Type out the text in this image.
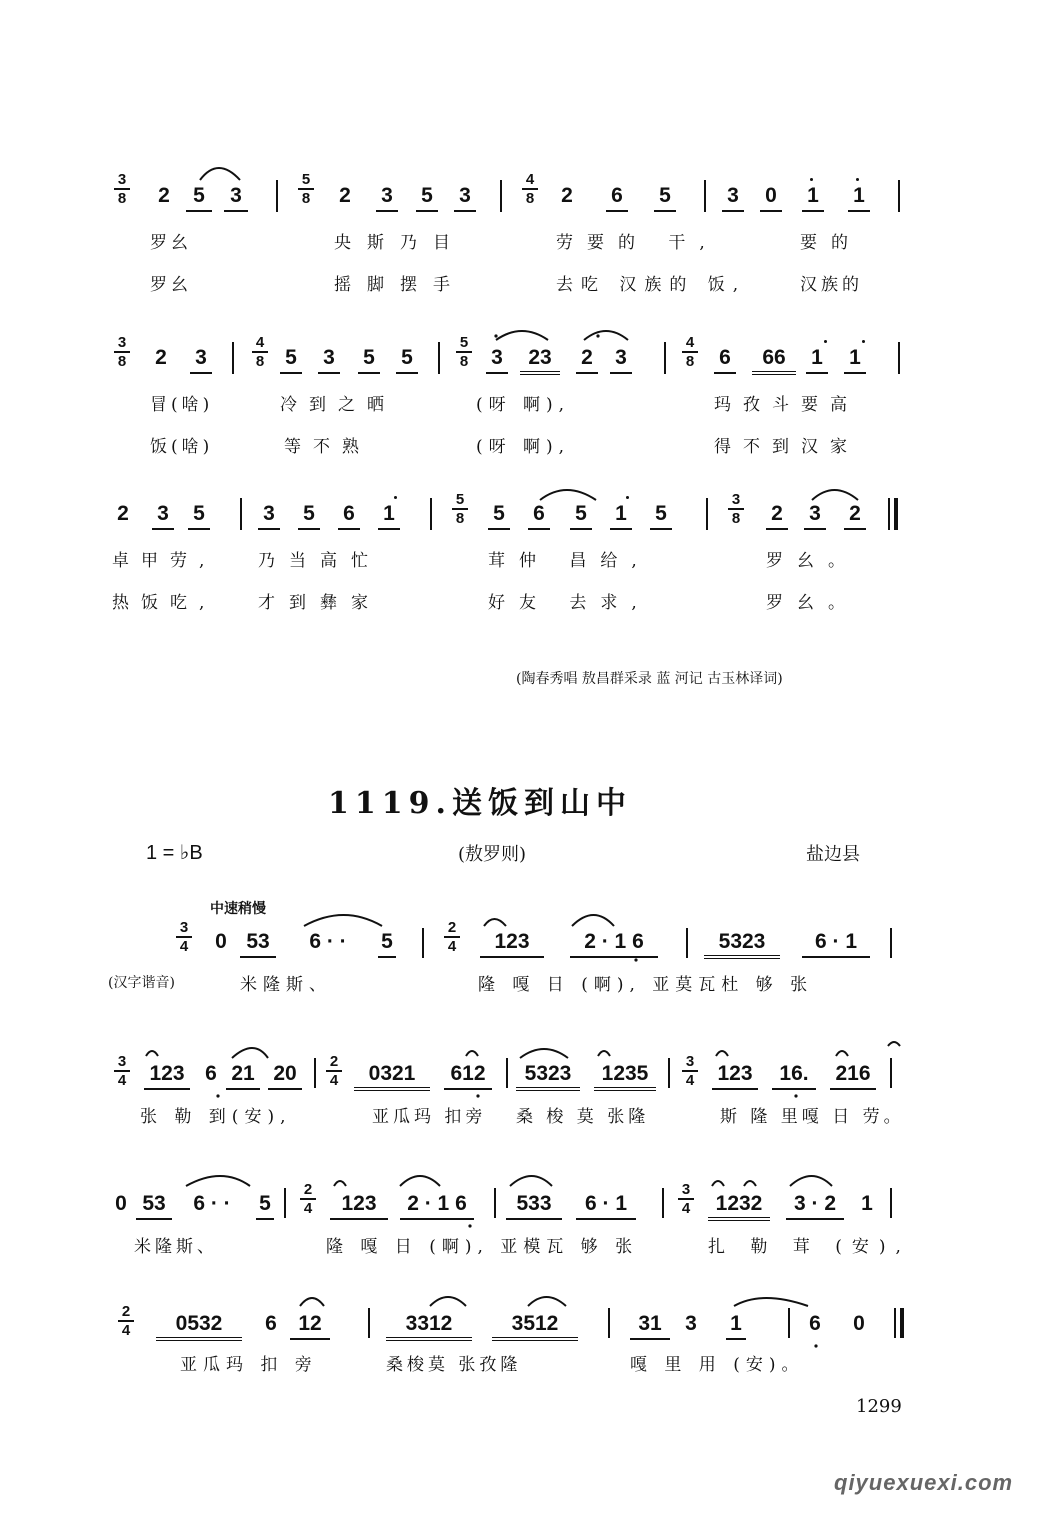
3
8	2 5 3
5
8 2 3 5 3
4
8 2 6 5	3 0 1 1
罗幺	央斯乃目	劳要的 干,	要的
罗幺	摇脚摆手	去吃 汉族的 饭,	汉族的
3
8 2 3
4
8 5 3 5 5
5
8 3 23 2 3
4
8 6 66 1 1
冒(啥)	冷到之晒	(呀 啊),	玛孜斗要高
饭(啥)	等不熟	(呀 啊),	得不到汉家
2 3 5	3 5 6 1
5
8 5 6 5 1 5
3
8 2 3 2
卓甲劳, 乃当高忙	茸仲 昌给,	罗幺。
热饭吃, 才到彝家	好友 去求,	罗幺。
(陶春秀唱 敖昌群采录 蓝 河记 古玉林译词)
1119.送饭到山中
1 = ♭B	(敖罗则)	盐边县
中速稍慢
3
4 0 53 6 · · 5
2
4	123	2 · 1 6	5323 6 · 1
(汉字谐音)	米隆斯、	隆 嘎 日 (啊), 亚莫瓦杜 够 张
3
4 123 6 21 20
2
4	0321 612	5323 1235
3
4 123 16. 216
张 勒 到(安),	亚瓜玛 扣旁 桑 梭 莫 张隆	斯 隆 里嘎 日 劳。
0 53 6 · · 5
2
4	123 2 · 1 6	533 6 · 1
3
4	1232 3 · 2 1
米隆斯、	隆 嘎 日 (啊), 亚模瓦 够 张	扎 勒 茸 (安),
2
4	0532 6 12	3312	3512	31 3 1	6 0
亚瓜玛 扣 旁	桑梭莫 张孜隆	嘎 里 用 (安)。
1299
qiyuexuexi.com
